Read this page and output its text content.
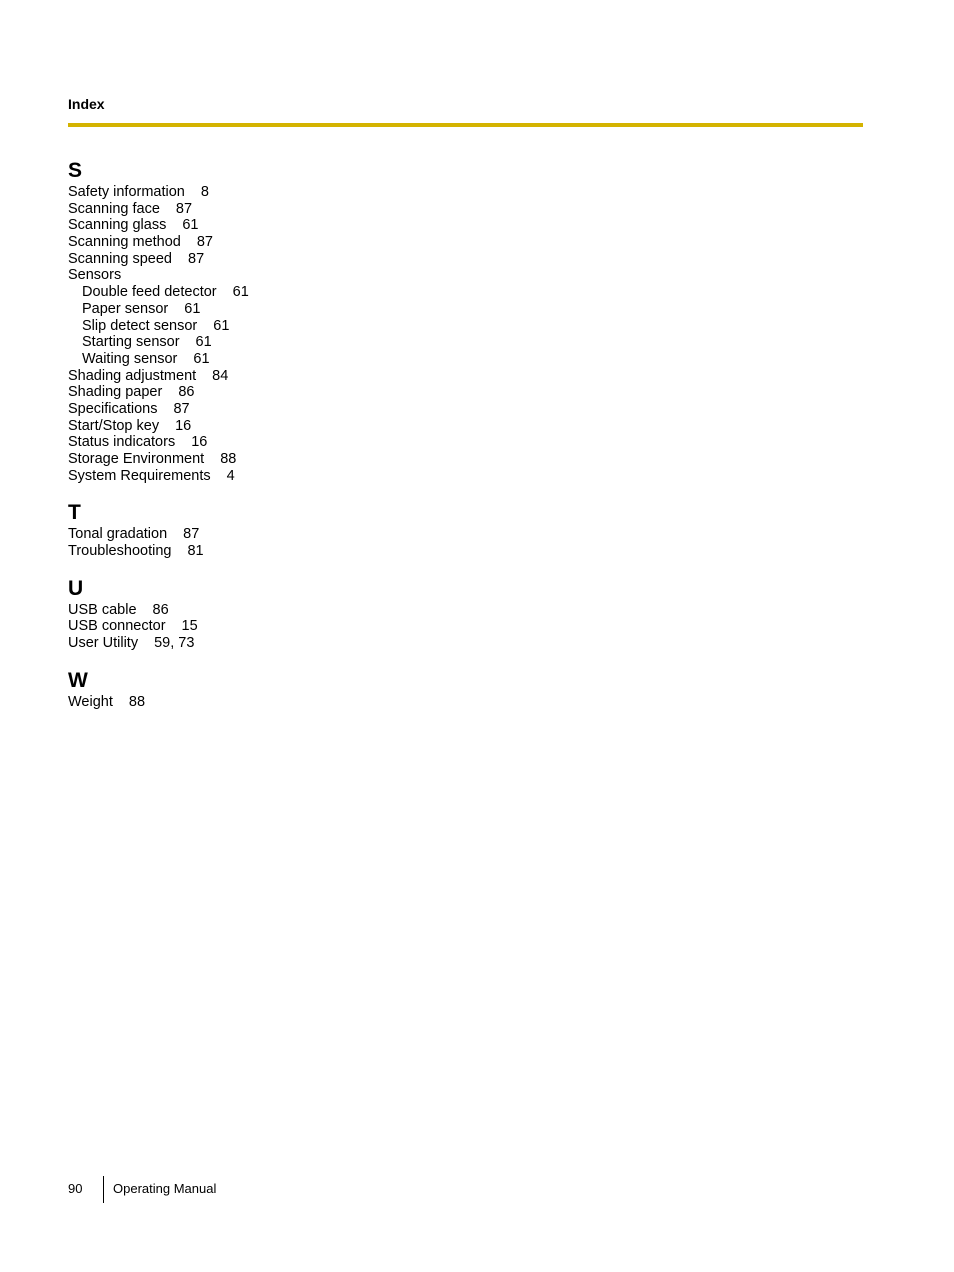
Index
S
Safety information 8
Scanning face 87
Scanning glass 61
Scanning method 87
Scanning speed 87
Sensors
Double feed detector 61
Paper sensor 61
Slip detect sensor 61
Starting sensor 61
Waiting sensor 61
Shading adjustment 84
Shading paper 86
Specifications 87
Start/Stop key 16
Status indicators 16
Storage Environment 88
System Requirements 4
T
Tonal gradation 87
Troubleshooting 81
U
USB cable 86
USB connector 15
User Utility 59, 73
W
Weight 88
90 Operating Manual
